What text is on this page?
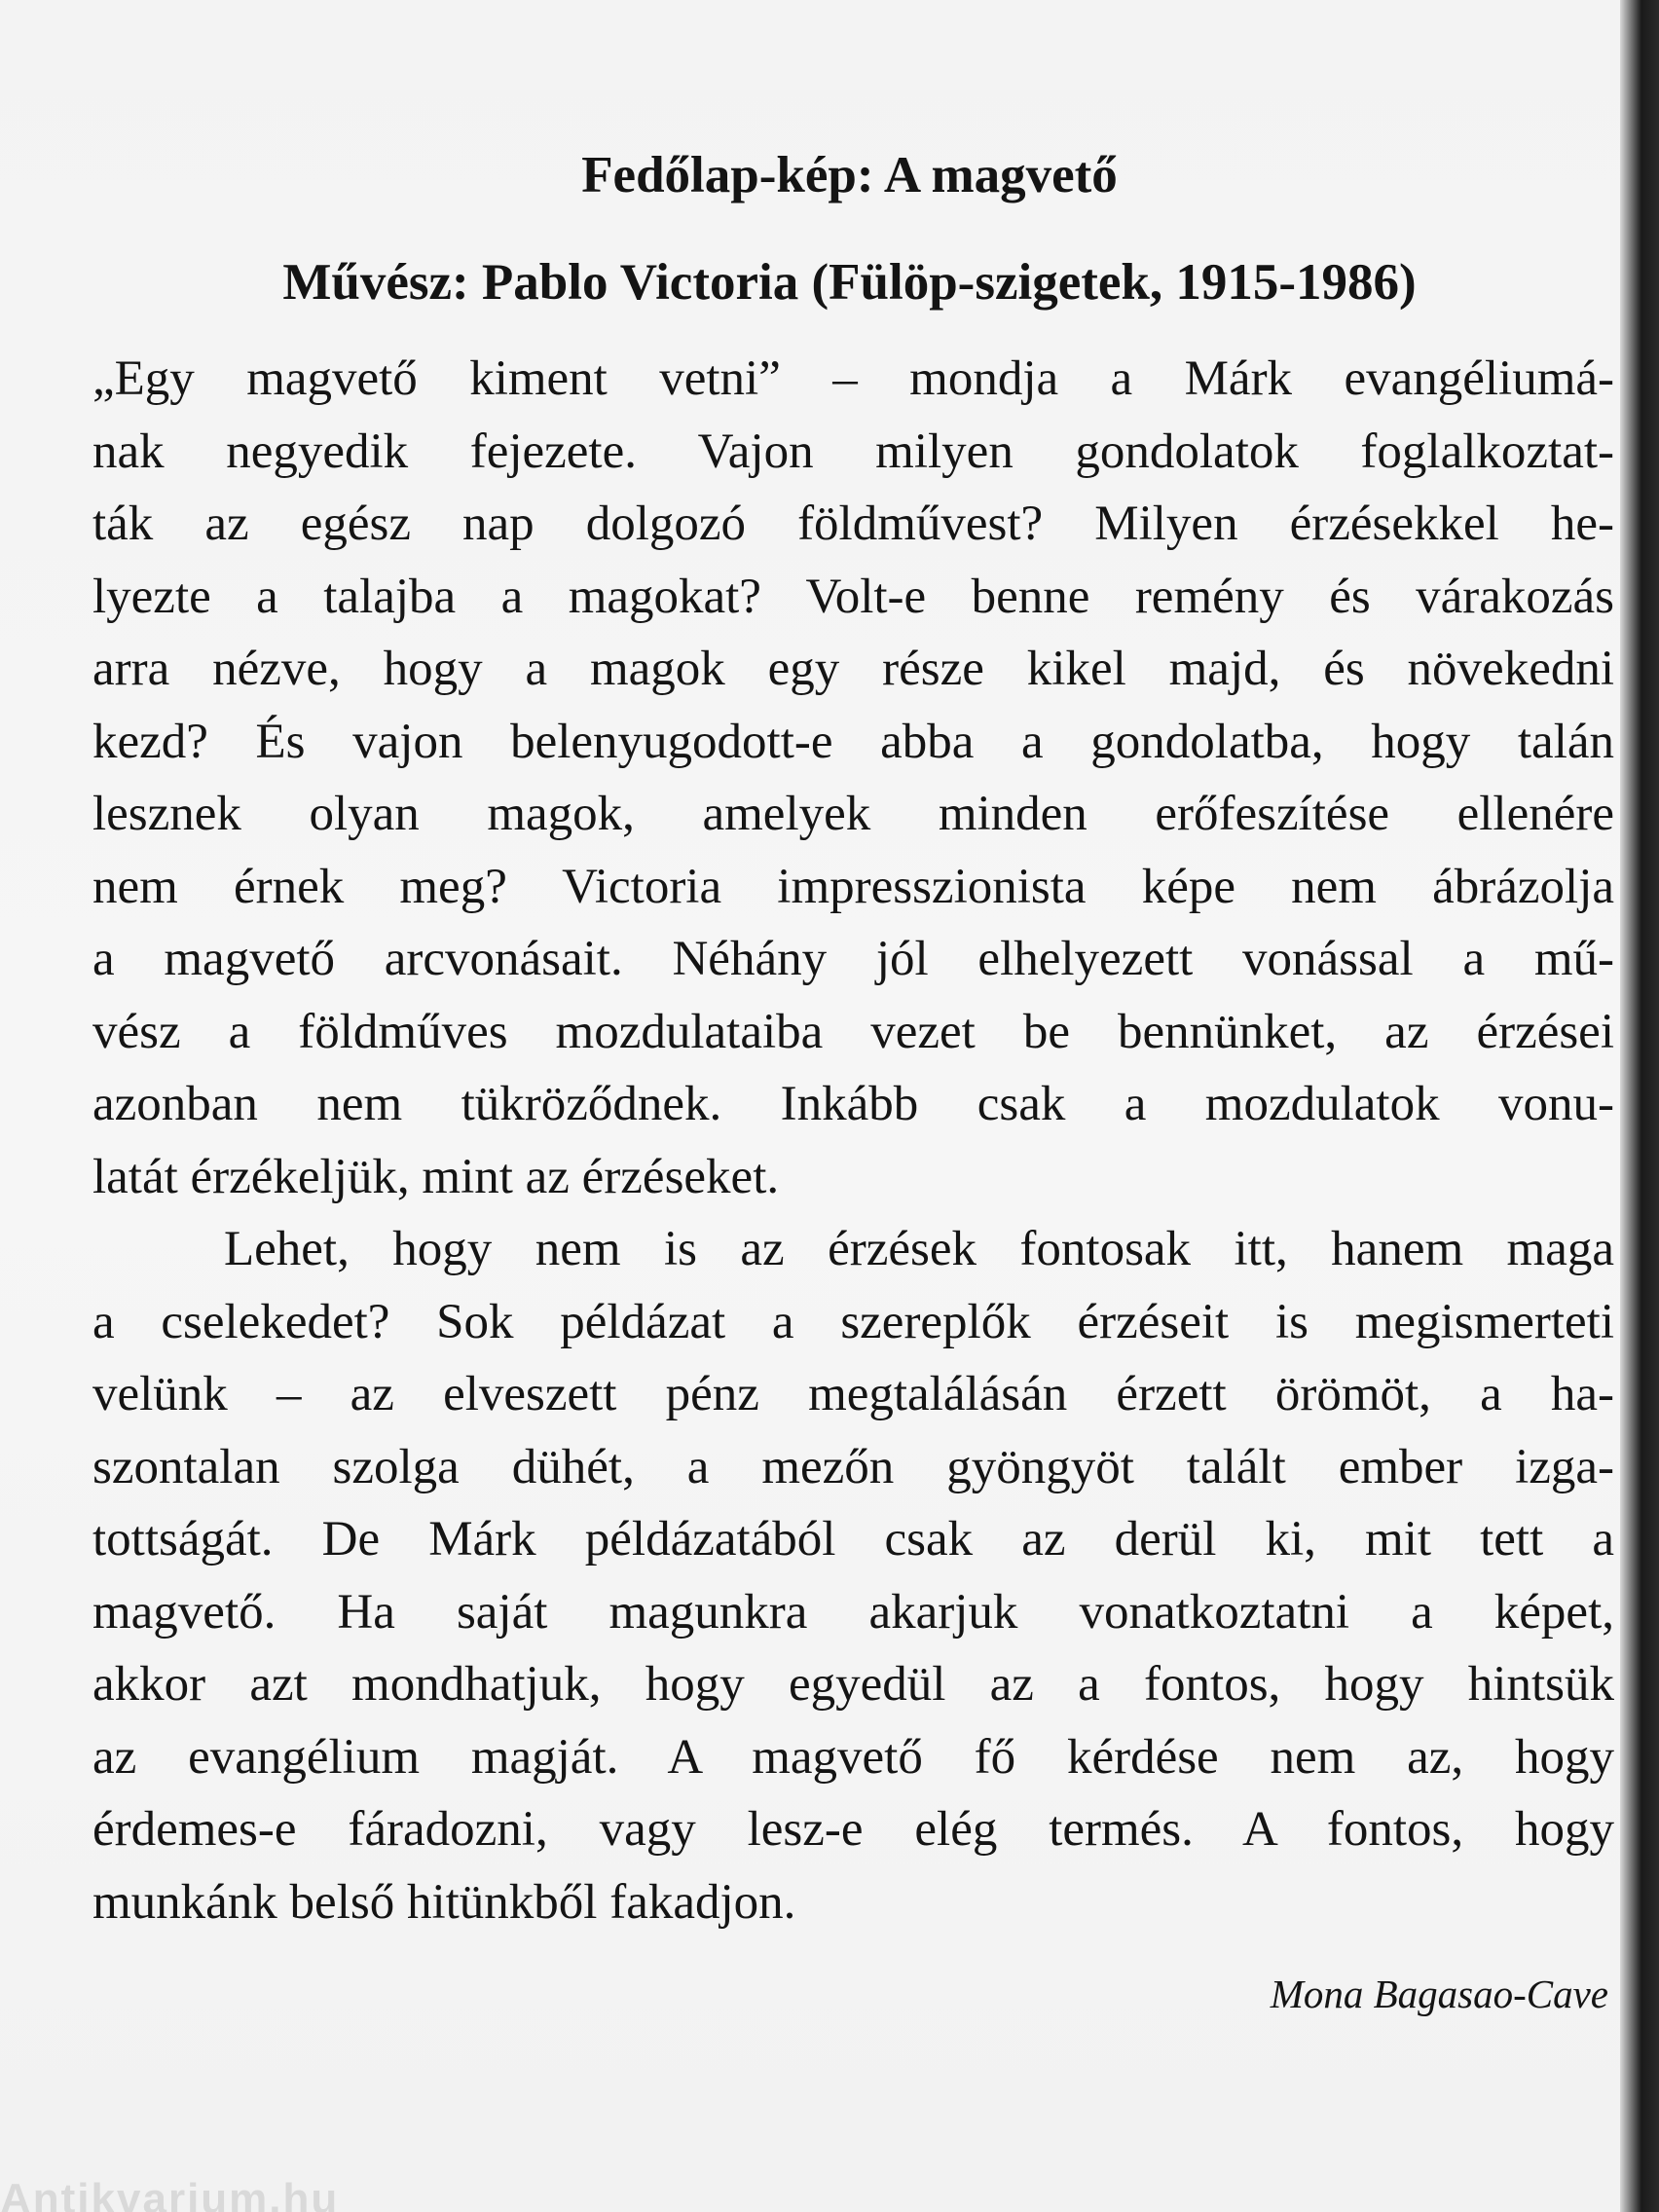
Fedőlap-kép: A magvető
Művész: Pablo Victoria (Fülöp-szigetek, 1915-1986)
„Egy magvető kiment vetni” – mondja a Márk evangéliumá-
nak negyedik fejezete. Vajon milyen gondolatok foglalkoztat-
ták az egész nap dolgozó földművest? Milyen érzésekkel he-
lyezte a talajba a magokat? Volt-e benne remény és várakozás
arra nézve, hogy a magok egy része kikel majd, és növekedni
kezd? És vajon belenyugodott-e abba a gondolatba, hogy talán
lesznek olyan magok, amelyek minden erőfeszítése ellenére
nem érnek meg? Victoria impresszionista képe nem ábrázolja
a magvető arcvonásait. Néhány jól elhelyezett vonással a mű-
vész a földműves mozdulataiba vezet be bennünket, az érzései
azonban nem tükröződnek. Inkább csak a mozdulatok vonu-
latát érzékeljük, mint az érzéseket.
Lehet, hogy nem is az érzések fontosak itt, hanem maga
a cselekedet? Sok példázat a szereplők érzéseit is megismerteti
velünk – az elveszett pénz megtalálásán érzett örömöt, a ha-
szontalan szolga dühét, a mezőn gyöngyöt talált ember izga-
tottságát. De Márk példázatából csak az derül ki, mit tett a
magvető. Ha saját magunkra akarjuk vonatkoztatni a képet,
akkor azt mondhatjuk, hogy egyedül az a fontos, hogy hintsük
az evangélium magját. A magvető fő kérdése nem az, hogy
érdemes-e fáradozni, vagy lesz-e elég termés. A fontos, hogy
munkánk belső hitünkből fakadjon.
Mona Bagasao-Cave
Antikvarium.hu
